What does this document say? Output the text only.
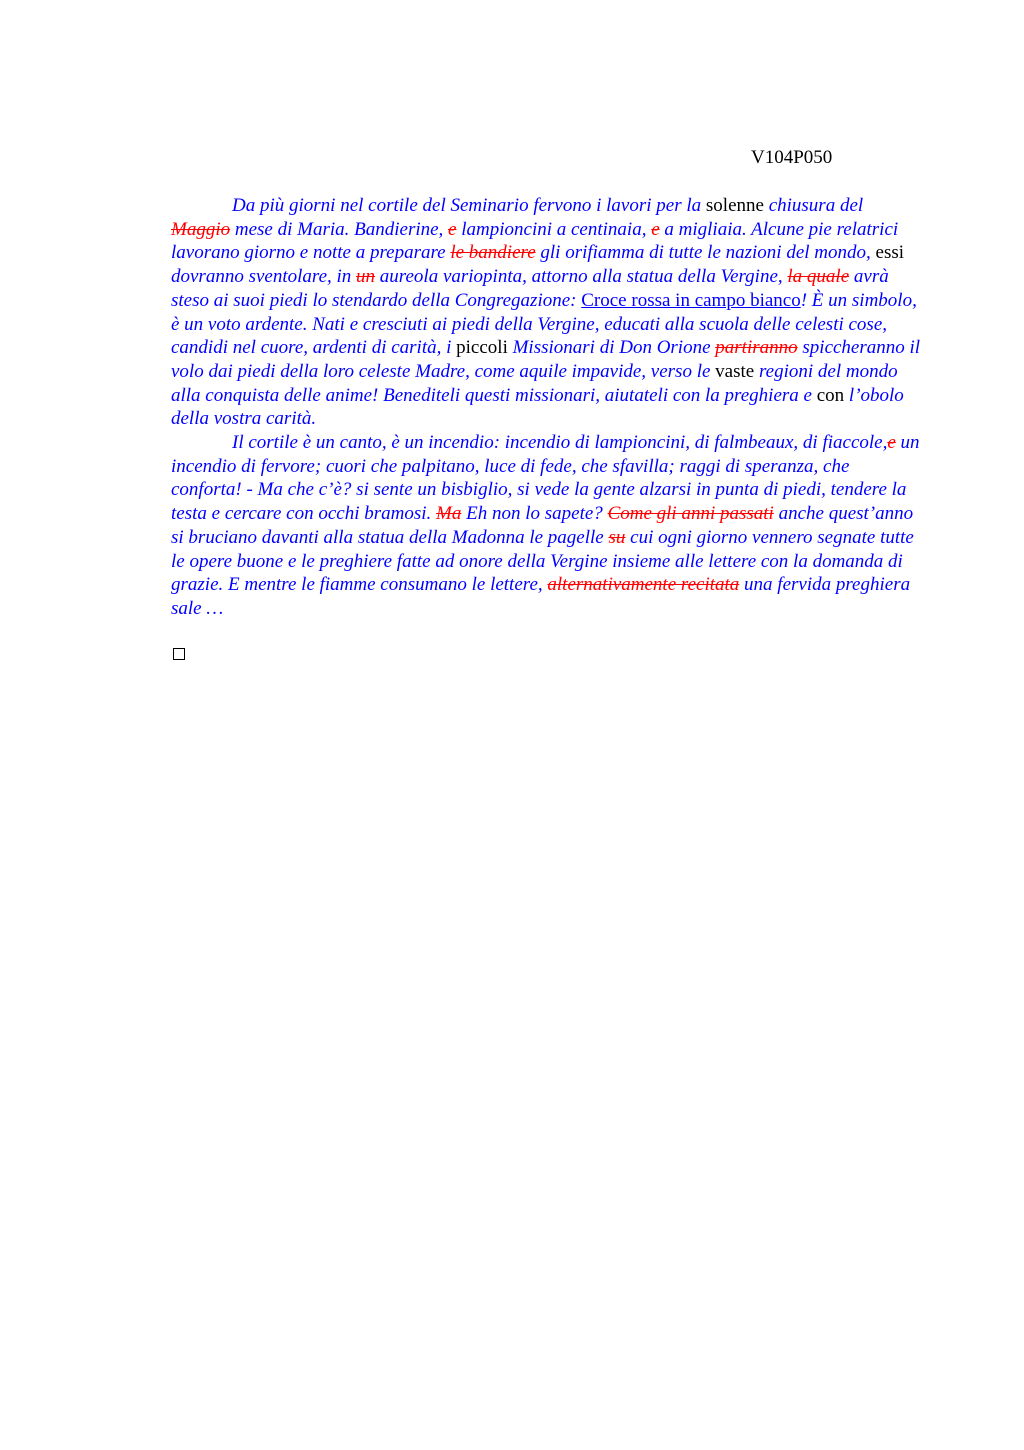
V104P050

Da più giorni nel cortile del Seminario fervono i lavori per la solenne chiusura del Maggio mese di Maria. Bandierine, e lampioncini a centinaia, e a migliaia. Alcune pie relatrici lavorano giorno e notte a preparare le bandiere gli orifiamma di tutte le nazioni del mondo, essi dovranno sventolare, in un aureola variopinta, attorno alla statua della Vergine, la quale avrà steso ai suoi piedi lo stendardo della Congregazione: Croce rossa in campo bianco! È un simbolo, è un voto ardente. Nati e cresciuti ai piedi della Vergine, educati alla scuola delle celesti cose, candidi nel cuore, ardenti di carità, i piccoli Missionari di Don Orione partiranno spiccheranno il volo dai piedi della loro celeste Madre, come aquile impavide, verso le vaste regioni del mondo alla conquista delle anime! Benediteli questi missionari, aiutateli con la preghiera e con l’obolo della vostra carità.

Il cortile è un canto, è un incendio: incendio di lampioncini, di falmbeaux, di fiaccole,e un incendio di fervore; cuori che palpitano, luce di fede, che sfavilla; raggi di speranza, che conforta! - Ma che c’è? si sente un bisbiglio, si vede la gente alzarsi in punta di piedi, tendere la testa e cercare con occhi bramosi. Ma Eh non lo sapete? Come gli anni passati anche quest’anno si bruciano davanti alla statua della Madonna le pagelle su cui ogni giorno vennero segnate tutte le opere buone e le preghiere fatte ad onore della Vergine insieme alle lettere con la domanda di grazie. E mentre le fiamme consumano le lettere, alternativamente recitata una fervida preghiera sale …
